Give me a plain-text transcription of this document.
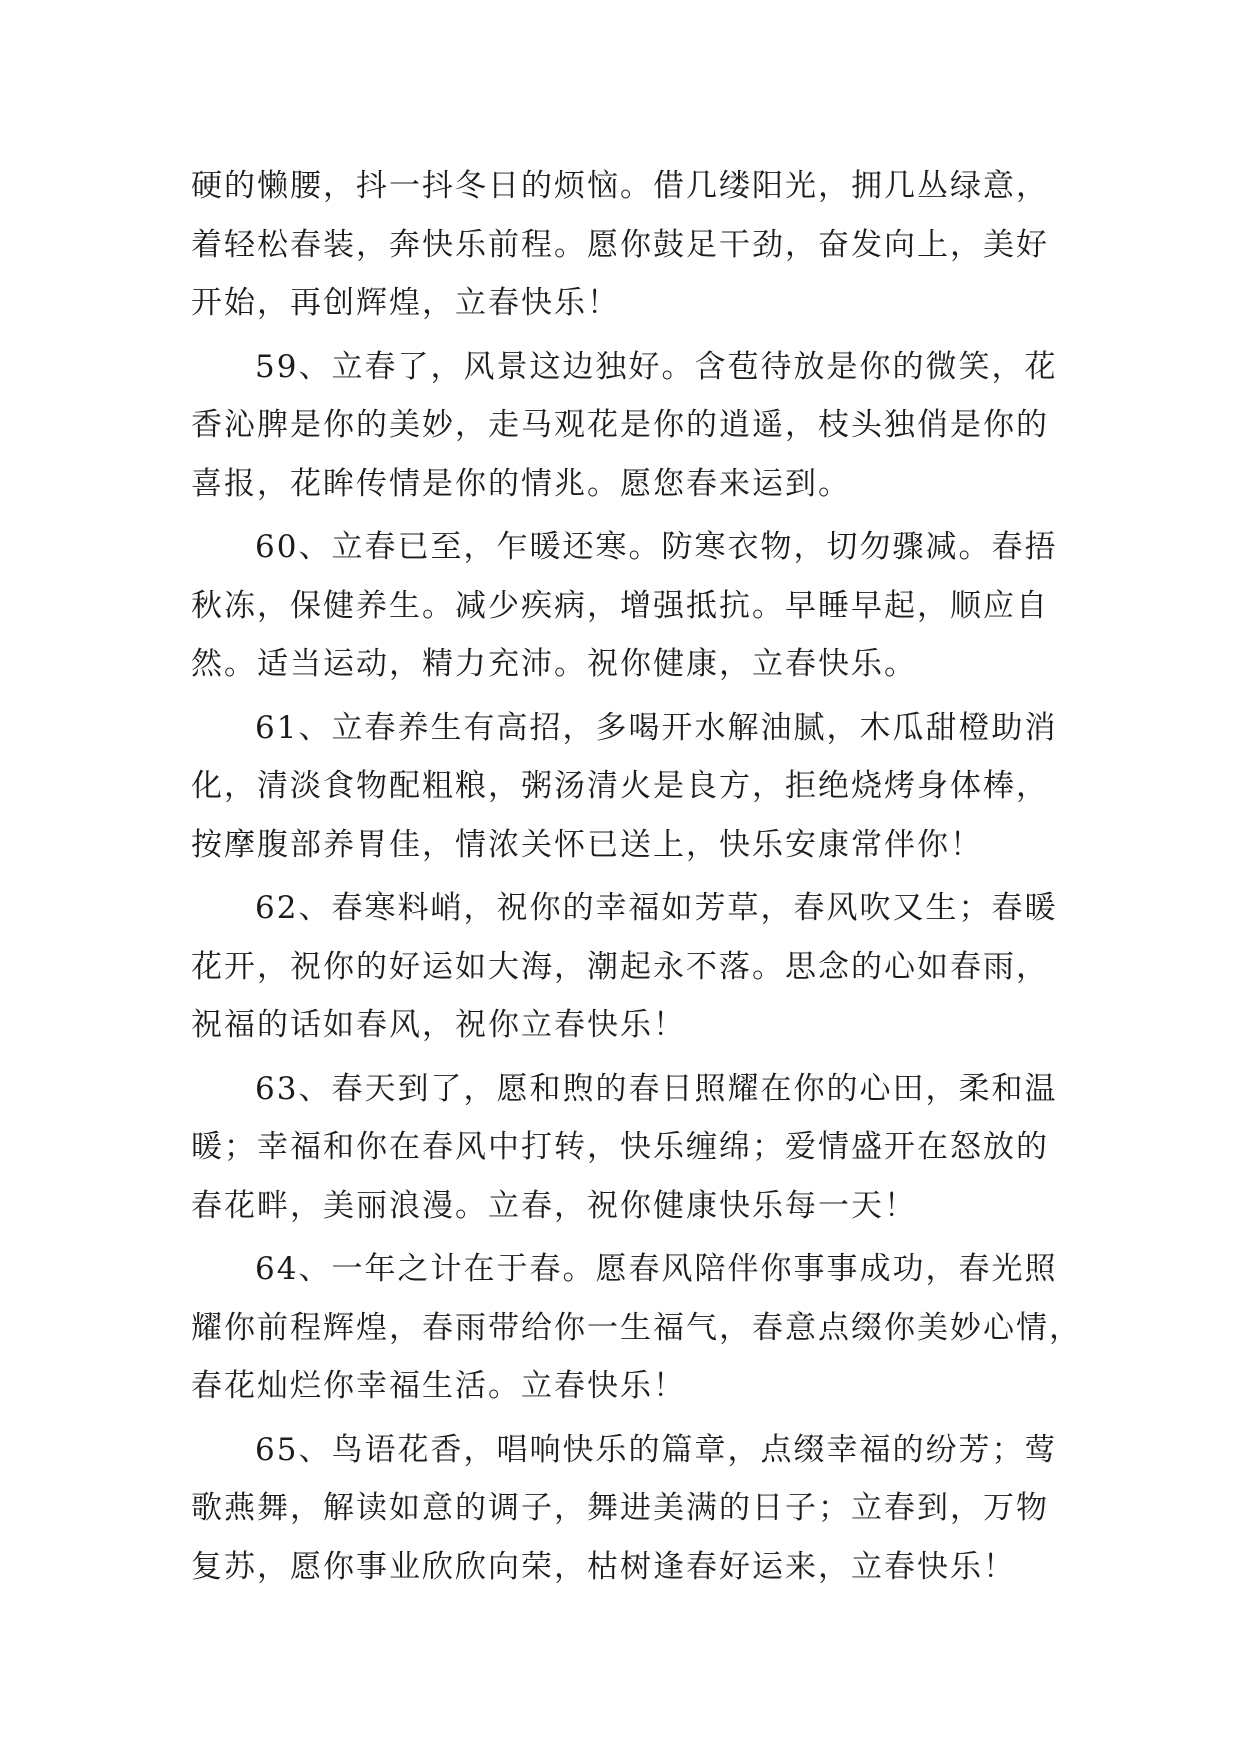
硬的懒腰，抖一抖冬日的烦恼。借几缕阳光，拥几丛绿意，
着轻松春装，奔快乐前程。愿你鼓足干劲，奋发向上，美好
开始，再创辉煌，立春快乐！
59、立春了，风景这边独好。含苞待放是你的微笑，花
香沁脾是你的美妙，走马观花是你的逍遥，枝头独俏是你的
喜报，花眸传情是你的情兆。愿您春来运到。
60、立春已至，乍暖还寒。防寒衣物，切勿骤减。春捂
秋冻，保健养生。减少疾病，增强抵抗。早睡早起，顺应自
然。适当运动，精力充沛。祝你健康，立春快乐。
61、立春养生有高招，多喝开水解油腻，木瓜甜橙助消
化，清淡食物配粗粮，粥汤清火是良方，拒绝烧烤身体棒，
按摩腹部养胃佳，情浓关怀已送上，快乐安康常伴你！
62、春寒料峭，祝你的幸福如芳草，春风吹又生；春暖
花开，祝你的好运如大海，潮起永不落。思念的心如春雨，
祝福的话如春风，祝你立春快乐！
63、春天到了，愿和煦的春日照耀在你的心田，柔和温
暖；幸福和你在春风中打转，快乐缠绵；爱情盛开在怒放的
春花畔，美丽浪漫。立春，祝你健康快乐每一天！
64、一年之计在于春。愿春风陪伴你事事成功，春光照
耀你前程辉煌，春雨带给你一生福气，春意点缀你美妙心情，
春花灿烂你幸福生活。立春快乐！
65、鸟语花香，唱响快乐的篇章，点缀幸福的纷芳；莺
歌燕舞，解读如意的调子，舞进美满的日子；立春到，万物
复苏，愿你事业欣欣向荣，枯树逢春好运来，立春快乐！
